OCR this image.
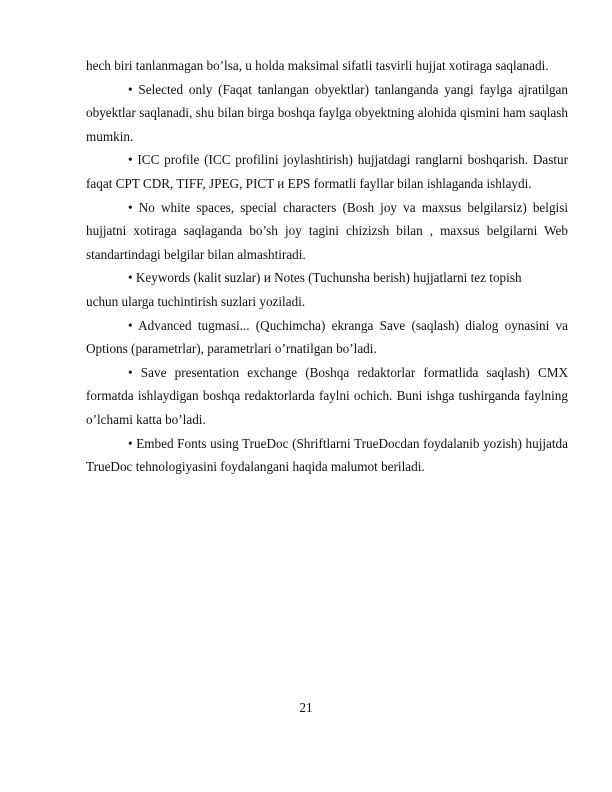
hech biri tanlanmagan bo’lsa, u holda maksimal sifatli tasvirli hujjat xotiraga saqlanadi.

• Selected only (Faqat tanlangan obyektlar) tanlanganda yangi faylga ajratilgan obyektlar saqlanadi, shu bilan birga boshqa faylga obyektning alohida qismini ham saqlash mumkin.

• ICC profile (ICC profilini joylashtirish) hujjatdagi ranglarni boshqarish. Dastur faqat CPT CDR, TIFF, JPEG, PICT и EPS formatli fayllar bilan ishlaganda ishlaydi.

• No white spaces, special characters (Bosh joy va maxsus belgilarsiz) belgisi hujjatni xotiraga saqlaganda bo’sh joy tagini chizizsh bilan , maxsus belgilarni Web standartindagi belgilar bilan almashtiradi.

• Keywords (kalit suzlar) и Notes (Tuchunsha berish) hujjatlarni tez topish

uchun ularga tuchintirish suzlari yoziladi.

• Advanced tugmasi... (Quchimcha) ekranga Save (saqlash) dialog oynasini va Options (parametrlar), parametrlari o’rnatilgan bo’ladi.

• Save presentation exchange (Boshqa redaktorlar formatlida saqlash) CMX formatda ishlaydigan boshqa redaktorlarda faylni ochich. Buni ishga tushirganda faylning o’lchami katta bo’ladi.

• Embed Fonts using TrueDoc (Shriftlarni TrueDocdan foydalanib yozish) hujjatda TrueDoc tehnologiyasini foydalangani haqida malumot beriladi.

21
